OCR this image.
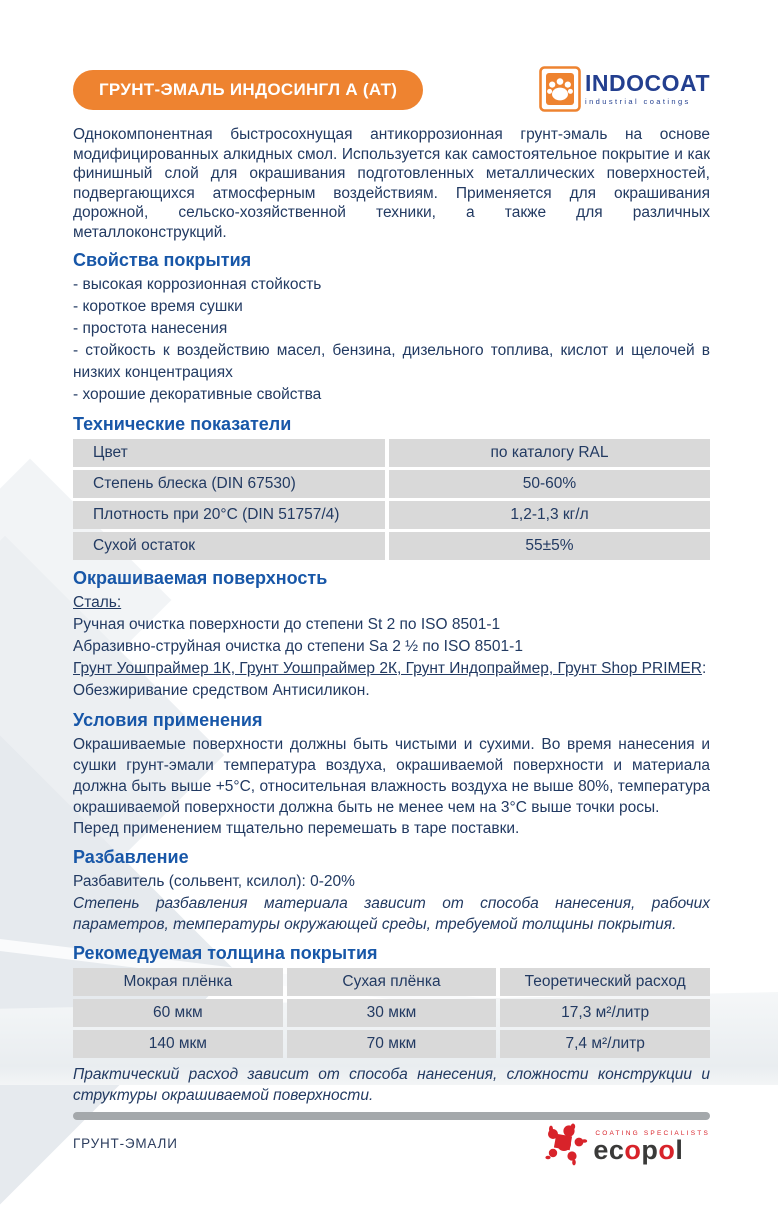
ГРУНТ-ЭМАЛЬ ИНДОСИНГЛ А (АТ)	INDOCOAT
industrial coatings

Однокомпонентная быстросохнущая антикоррозионная грунт-эмаль на основе модифицированных алкидных смол. Используется как самостоятельное покрытие и как финишный слой для окрашивания подготовленных металлических поверхностей, подвергающихся атмосферным воздействиям. Применяется для окрашивания дорожной, сельско-хозяйственной техники, а также для различных металлоконструкций.

Свойства покрытия
- высокая коррозионная стойкость
- короткое время сушки
- простота нанесения
- стойкость к воздействию масел, бензина, дизельного топлива, кислот и щелочей в низких концентрациях
- хорошие декоративные свойства
Технические показатели
Цвет	по каталогу RAL
Степень блеска (DIN 67530)	50-60%
Плотность при 20°С (DIN 51757/4)	1,2-1,3 кг/л
Сухой остаток	55±5%
Окрашиваемая поверхность
Сталь:
Ручная очистка поверхности до степени St 2 по ISO 8501-1
Абразивно-струйная очистка до степени Sa 2 ½ по ISO 8501-1
Грунт Уошпраймер 1К, Грунт Уошпраймер 2К, Грунт Индопраймер, Грунт Shop PRIMER:
Обезжиривание средством Антисиликон.
Условия применения

Окрашиваемые поверхности должны быть чистыми и сухими. Во время нанесения и сушки грунт-эмали температура воздуха, окрашиваемой поверхности и материала должна быть выше +5°С, относительная влажность воздуха не выше 80%, температура окрашиваемой поверхности должна быть не менее чем на 3°С выше точки росы.

Перед применением тщательно перемешать в таре поставки.

Разбавление
Разбавитель (сольвент, ксилол): 0-20%

Степень разбавления материала зависит от способа нанесения, рабочих параметров, температуры окружающей среды, требуемой толщины покрытия.

Рекомедуемая толщина покрытия
Мокрая плёнка	Сухая плёнка	Теоретический расход
60 мкм	30 мкм	17,3 м²/литр
140 мкм	70 мкм	7,4 м²/литр

Практический расход зависит от способа нанесения, сложности конструкции и структуры окрашиваемой поверхности.

ГРУНТ-ЭМАЛИ
COATING SPECIALISTS
ecopol
